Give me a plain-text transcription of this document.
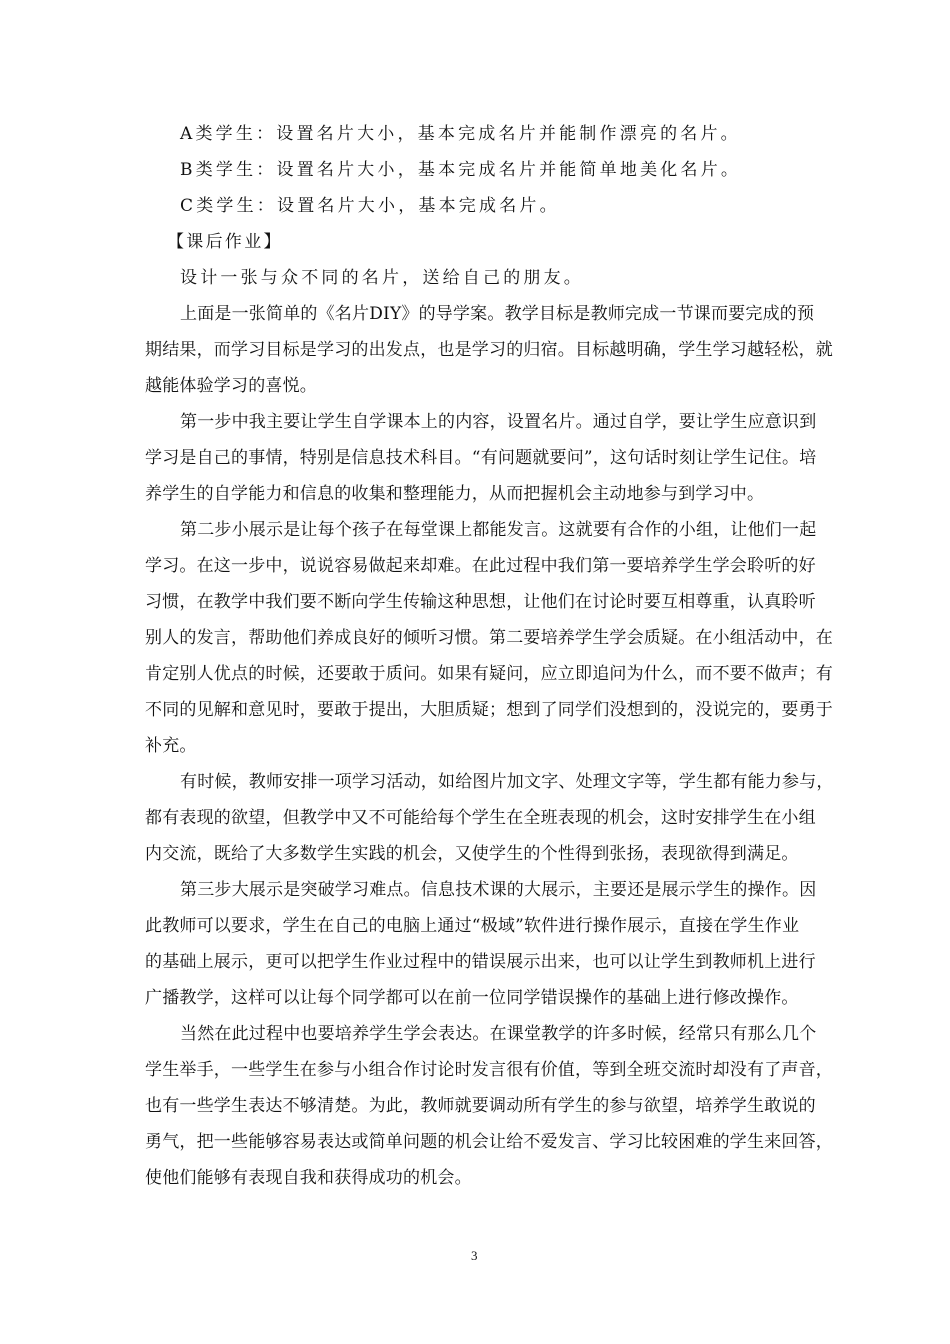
A类学生：设置名片大小，基本完成名片并能制作漂亮的名片。
B类学生：设置名片大小，基本完成名片并能简单地美化名片。
C类学生：设置名片大小，基本完成名片。
【课后作业】
设计一张与众不同的名片，送给自己的朋友。
上面是一张简单的《名片DIY》的导学案。教学目标是教师完成一节课而要完成的预
期结果，而学习目标是学习的出发点，也是学习的归宿。目标越明确，学生学习越轻松，就
越能体验学习的喜悦。
第一步中我主要让学生自学课本上的内容，设置名片。通过自学，要让学生应意识到
学习是自己的事情，特别是信息技术科目。“有问题就要问”，这句话时刻让学生记住。培
养学生的自学能力和信息的收集和整理能力，从而把握机会主动地参与到学习中。
第二步小展示是让每个孩子在每堂课上都能发言。这就要有合作的小组，让他们一起
学习。在这一步中，说说容易做起来却难。在此过程中我们第一要培养学生学会聆听的好
习惯，在教学中我们要不断向学生传输这种思想，让他们在讨论时要互相尊重，认真聆听
别人的发言，帮助他们养成良好的倾听习惯。第二要培养学生学会质疑。在小组活动中，在
肯定别人优点的时候，还要敢于质问。如果有疑问，应立即追问为什么，而不要不做声；有
不同的见解和意见时，要敢于提出，大胆质疑；想到了同学们没想到的，没说完的，要勇于
补充。
有时候，教师安排一项学习活动，如给图片加文字、处理文字等，学生都有能力参与，
都有表现的欲望，但教学中又不可能给每个学生在全班表现的机会，这时安排学生在小组
内交流，既给了大多数学生实践的机会，又使学生的个性得到张扬，表现欲得到满足。
第三步大展示是突破学习难点。信息技术课的大展示，主要还是展示学生的操作。因
此教师可以要求，学生在自己的电脑上通过“极域”软件进行操作展示，直接在学生作业
的基础上展示，更可以把学生作业过程中的错误展示出来，也可以让学生到教师机上进行
广播教学，这样可以让每个同学都可以在前一位同学错误操作的基础上进行修改操作。
当然在此过程中也要培养学生学会表达。在课堂教学的许多时候，经常只有那么几个
学生举手，一些学生在参与小组合作讨论时发言很有价值，等到全班交流时却没有了声音，
也有一些学生表达不够清楚。为此，教师就要调动所有学生的参与欲望，培养学生敢说的
勇气，把一些能够容易表达或简单问题的机会让给不爱发言、学习比较困难的学生来回答，
使他们能够有表现自我和获得成功的机会。
3
